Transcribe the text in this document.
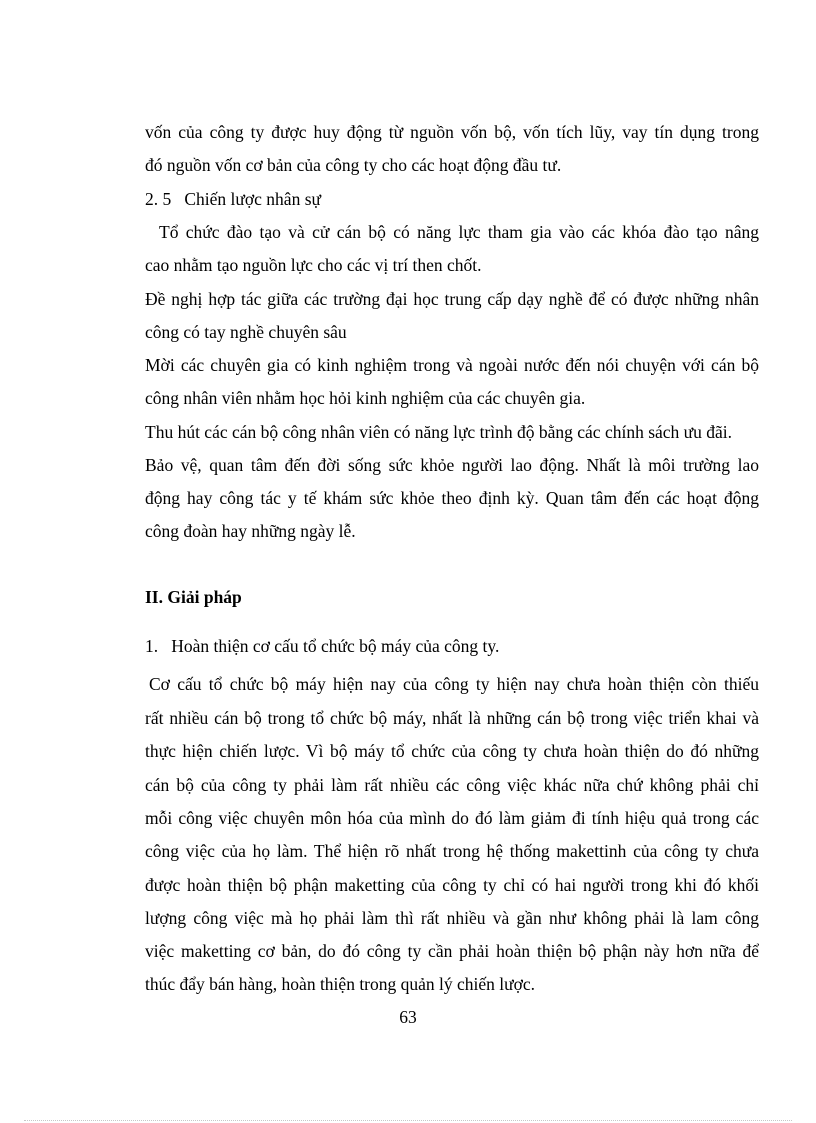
vốn của công ty được huy động từ nguồn vốn bộ, vốn tích lũy, vay tín dụng trong
đó nguồn vốn cơ bản của công ty cho các hoạt động đầu tư.
2. 5   Chiến lược nhân sự
Tổ chức đào tạo và cử cán bộ có năng lực tham gia vào các khóa đào tạo nâng
cao nhằm tạo nguồn lực cho các vị trí then chốt.
Đề nghị hợp tác giữa các trường đại học trung cấp dạy nghề để có được những nhân
công có tay nghề chuyên sâu
Mời các chuyên gia có kinh nghiệm trong và ngoài nước đến nói chuyện với cán bộ
công nhân viên nhằm học hỏi kinh nghiệm của các chuyên gia.
Thu hút các cán bộ công nhân viên có năng lực trình độ bằng các chính sách ưu đãi.
Bảo vệ, quan tâm đến đời sống sức khỏe người lao động. Nhất là môi trường lao
động hay công tác y tế khám sức khỏe theo định kỳ. Quan tâm đến các hoạt động
công đoàn hay những ngày lễ.
II. Giải pháp
1.   Hoàn thiện cơ cấu tổ chức bộ máy của công ty.
Cơ cấu tổ chức bộ máy hiện nay của công ty hiện nay chưa hoàn thiện còn thiếu
rất nhiều cán bộ trong tổ chức bộ máy, nhất là những cán bộ trong việc triển khai và
thực hiện chiến lược. Vì bộ máy tổ chức của công ty chưa hoàn thiện do đó những
cán bộ của công ty phải làm rất nhiều các công việc khác nữa chứ không phải chỉ
mỗi công việc chuyên môn hóa của mình do đó làm giảm đi tính hiệu quả trong các
công việc của họ làm. Thể hiện rõ nhất trong hệ thống makettinh của công ty chưa
được hoàn thiện bộ phận maketting của công ty chỉ có hai người trong khi đó khối
lượng công việc mà họ phải làm thì rất nhiều và gần như không phải là lam công
việc maketting cơ bản, do đó công ty cần phải hoàn thiện bộ phận này hơn nữa để
thúc đẩy bán hàng, hoàn thiện trong quản lý chiến lược.
63
